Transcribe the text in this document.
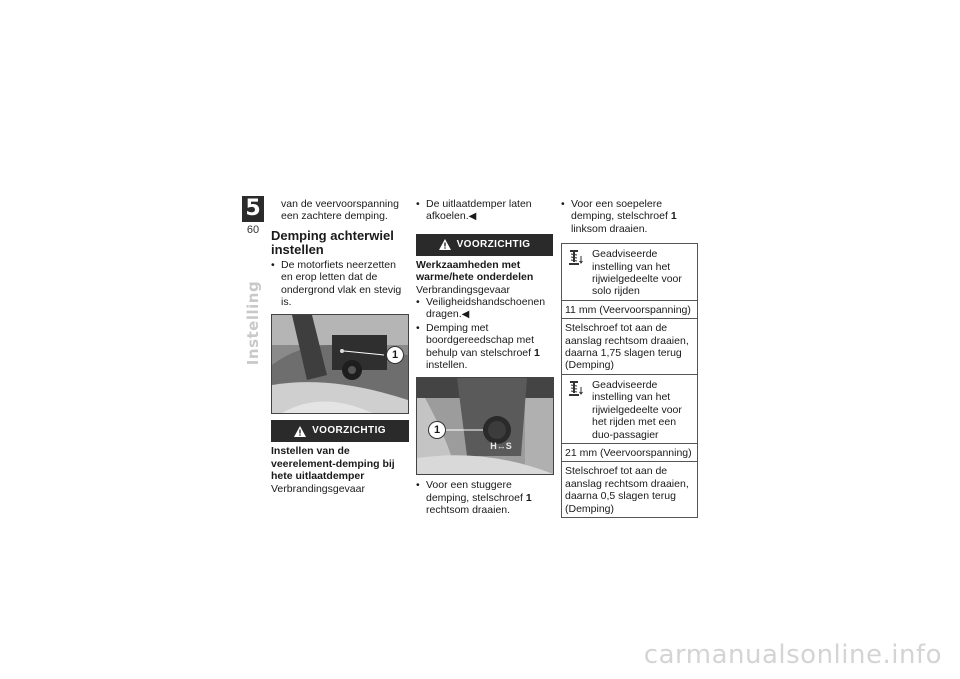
5
60
Instelling

van de veervoorspanning een zachtere demping.

Demping achterwiel instellen
• De motorfiets neerzetten en erop letten dat de ondergrond vlak en stevig is.
1
VOORZICHTIG
Instellen van de veerelement-demping bij hete uitlaatdemper

Verbrandingsgevaar

• De uitlaatdemper laten afkoelen.◀
VOORZICHTIG
Werkzaamheden met warme/hete onderdelen

Verbrandingsgevaar

• Veiligheidshandschoenen dragen.◀
• Demping met boordgereedschap met behulp van stelschroef 1 instellen.
1
H↔S
• Voor een stuggere demping, stelschroef 1 rechtsom draaien.
• Voor een soepelere demping, stelschroef 1 linksom draaien.
Geadviseerde instelling van het rijwielgedeelte voor solo rijden
11 mm (Veervoorspanning)
Stelschroef tot aan de aanslag rechtsom draaien, daarna 1,75 slagen terug (Demping)
Geadviseerde instelling van het rijwielgedeelte voor het rijden met een duo-passagier
21 mm (Veervoorspanning)
Stelschroef tot aan de aanslag rechtsom draaien, daarna 0,5 slagen terug (Demping)
carmanualsonline.info
